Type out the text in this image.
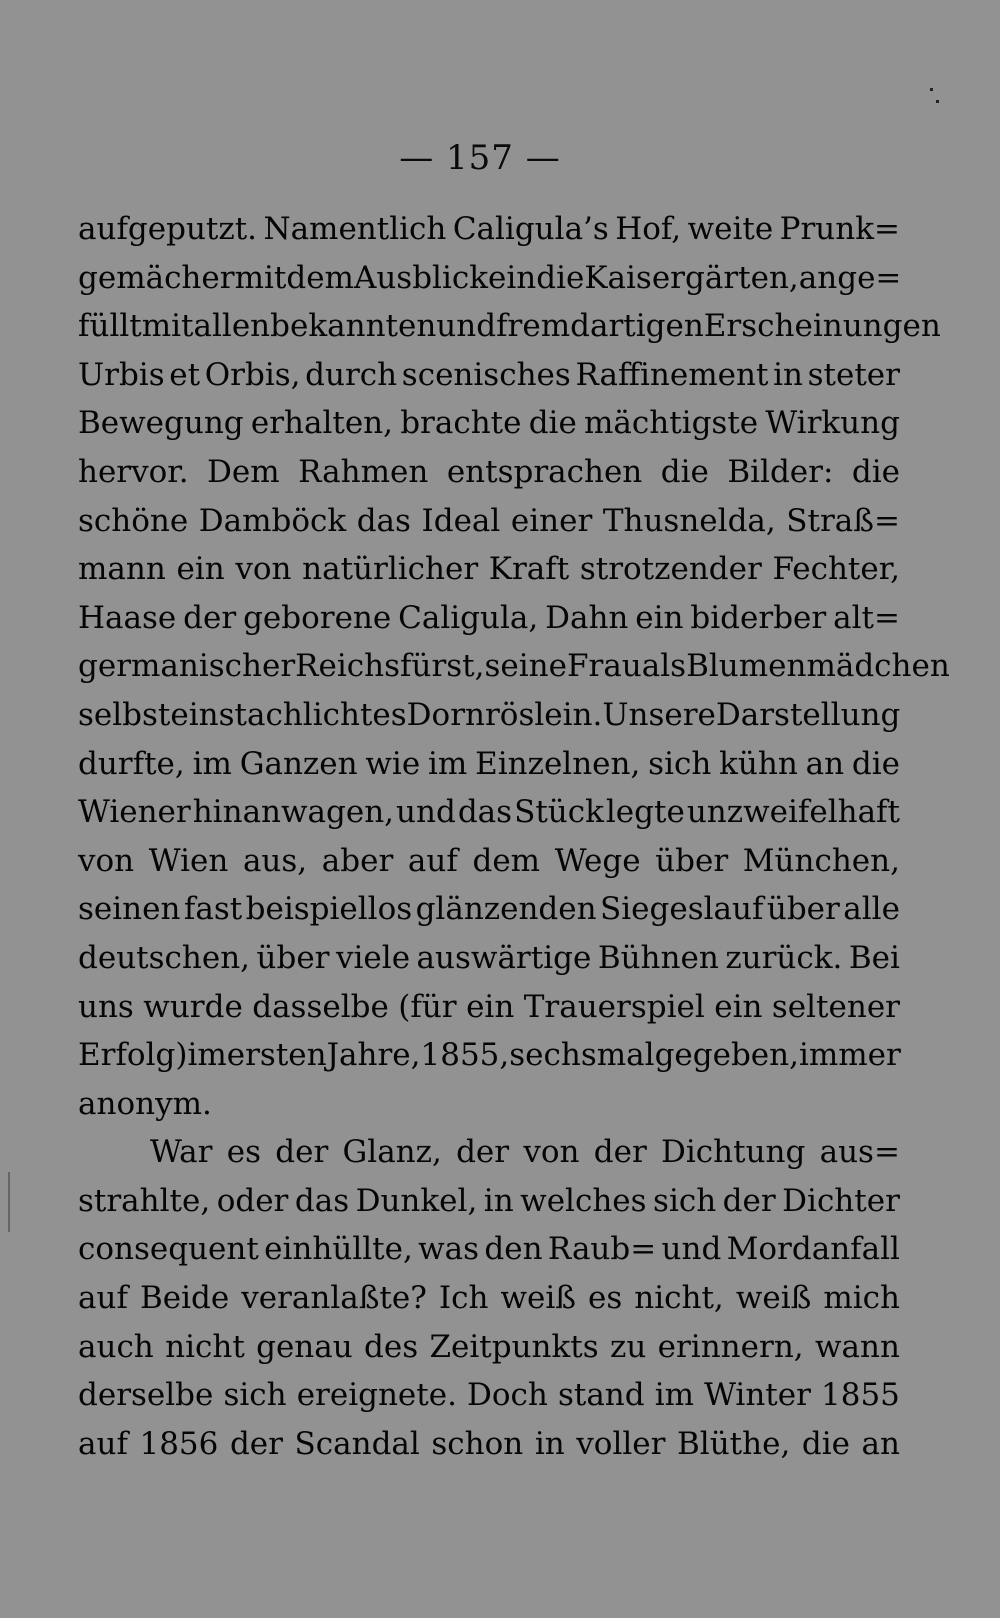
— 157 —
aufgeputzt. Namentlich Caligula’s Hof, weite Prunk=
gemächer mit dem Ausblicke in die Kaisergärten, ange=
füllt mit allen bekannten und fremdartigen Erscheinungen
Urbis et Orbis, durch scenisches Raffinement in steter
Bewegung erhalten, brachte die mächtigste Wirkung
hervor. Dem Rahmen entsprachen die Bilder: die
schöne Damböck das Ideal einer Thusnelda, Straß=
mann ein von natürlicher Kraft strotzender Fechter,
Haase der geborene Caligula, Dahn ein biderber alt=
germanischer Reichsfürst, seine Frau als Blumenmädchen
selbst ein stachlichtes Dornröslein. Unsere Darstellung
durfte, im Ganzen wie im Einzelnen, sich kühn an die
Wiener hinanwagen, und das Stück legte unzweifelhaft
von Wien aus, aber auf dem Wege über München,
seinen fast beispiellos glänzenden Siegeslauf über alle
deutschen, über viele auswärtige Bühnen zurück. Bei
uns wurde dasselbe (für ein Trauerspiel ein seltener
Erfolg) im ersten Jahre, 1855, sechsmal gegeben, immer
anonym.
War es der Glanz, der von der Dichtung aus=
strahlte, oder das Dunkel, in welches sich der Dichter
consequent einhüllte, was den Raub= und Mordanfall
auf Beide veranlaßte? Ich weiß es nicht, weiß mich
auch nicht genau des Zeitpunkts zu erinnern, wann
derselbe sich ereignete. Doch stand im Winter 1855
auf 1856 der Scandal schon in voller Blüthe, die an
